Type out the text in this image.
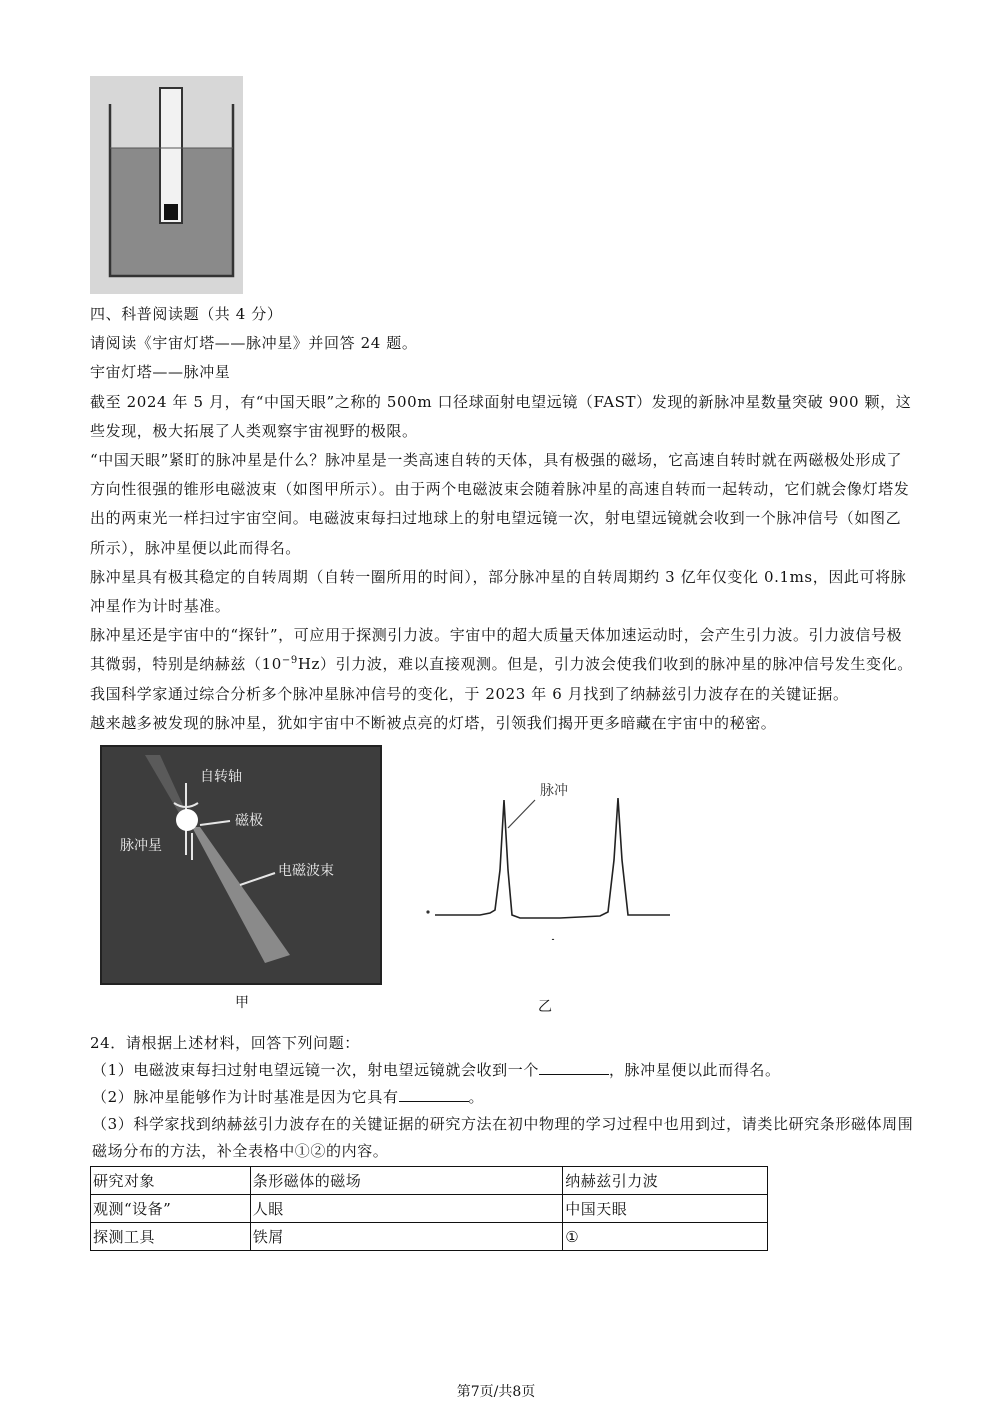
四、科普阅读题（共 4 分）

请阅读《宇宙灯塔——脉冲星》并回答 24 题。

宇宙灯塔——脉冲星

截至 2024 年 5 月，有“中国天眼”之称的 500m 口径球面射电望远镜（FAST）发现的新脉冲星数量突破 900 颗，这些发现，极大拓展了人类观察宇宙视野的极限。

“中国天眼”紧盯的脉冲星是什么？脉冲星是一类高速自转的天体，具有极强的磁场，它高速自转时就在两磁极处形成了方向性很强的锥形电磁波束（如图甲所示）。由于两个电磁波束会随着脉冲星的高速自转而一起转动，它们就会像灯塔发出的两束光一样扫过宇宙空间。电磁波束每扫过地球上的射电望远镜一次，射电望远镜就会收到一个脉冲信号（如图乙所示），脉冲星便以此而得名。

脉冲星具有极其稳定的自转周期（自转一圈所用的时间），部分脉冲星的自转周期约 3 亿年仅变化 0.1ms，因此可将脉冲星作为计时基准。

脉冲星还是宇宙中的“探针”，可应用于探测引力波。宇宙中的超大质量天体加速运动时，会产生引力波。引力波信号极其微弱，特别是纳赫兹$(10^{-9}Hz)$引力波，难以直接观测。但是，引力波会使我们收到的脉冲星的脉冲信号发生变化。我国科学家通过综合分析多个脉冲星脉冲信号的变化，于 2023 年 6 月找到了纳赫兹引力波存在的关键证据。

越来越多被发现的脉冲星，犹如宇宙中不断被点亮的灯塔，引领我们揭开更多暗藏在宇宙中的秘密。

自转轴
磁极
脉冲星
电磁波束
甲
脉冲
乙

24．请根据上述材料，回答下列问题：

（1）电磁波束每扫过射电望远镜一次，射电望远镜就会收到一个	，脉冲星便以此而得名。

（2）脉冲星能够作为计时基准是因为它具有	。

（3）科学家找到纳赫兹引力波存在的关键证据的研究方法在初中物理的学习过程中也用到过，请类比研究条形磁体周围磁场分布的方法，补全表格中①②的内容。

研究对象	条形磁体的磁场	纳赫兹引力波
观测“设备”	人眼	中国天眼
探测工具	铁屑	①
第7页/共8页
